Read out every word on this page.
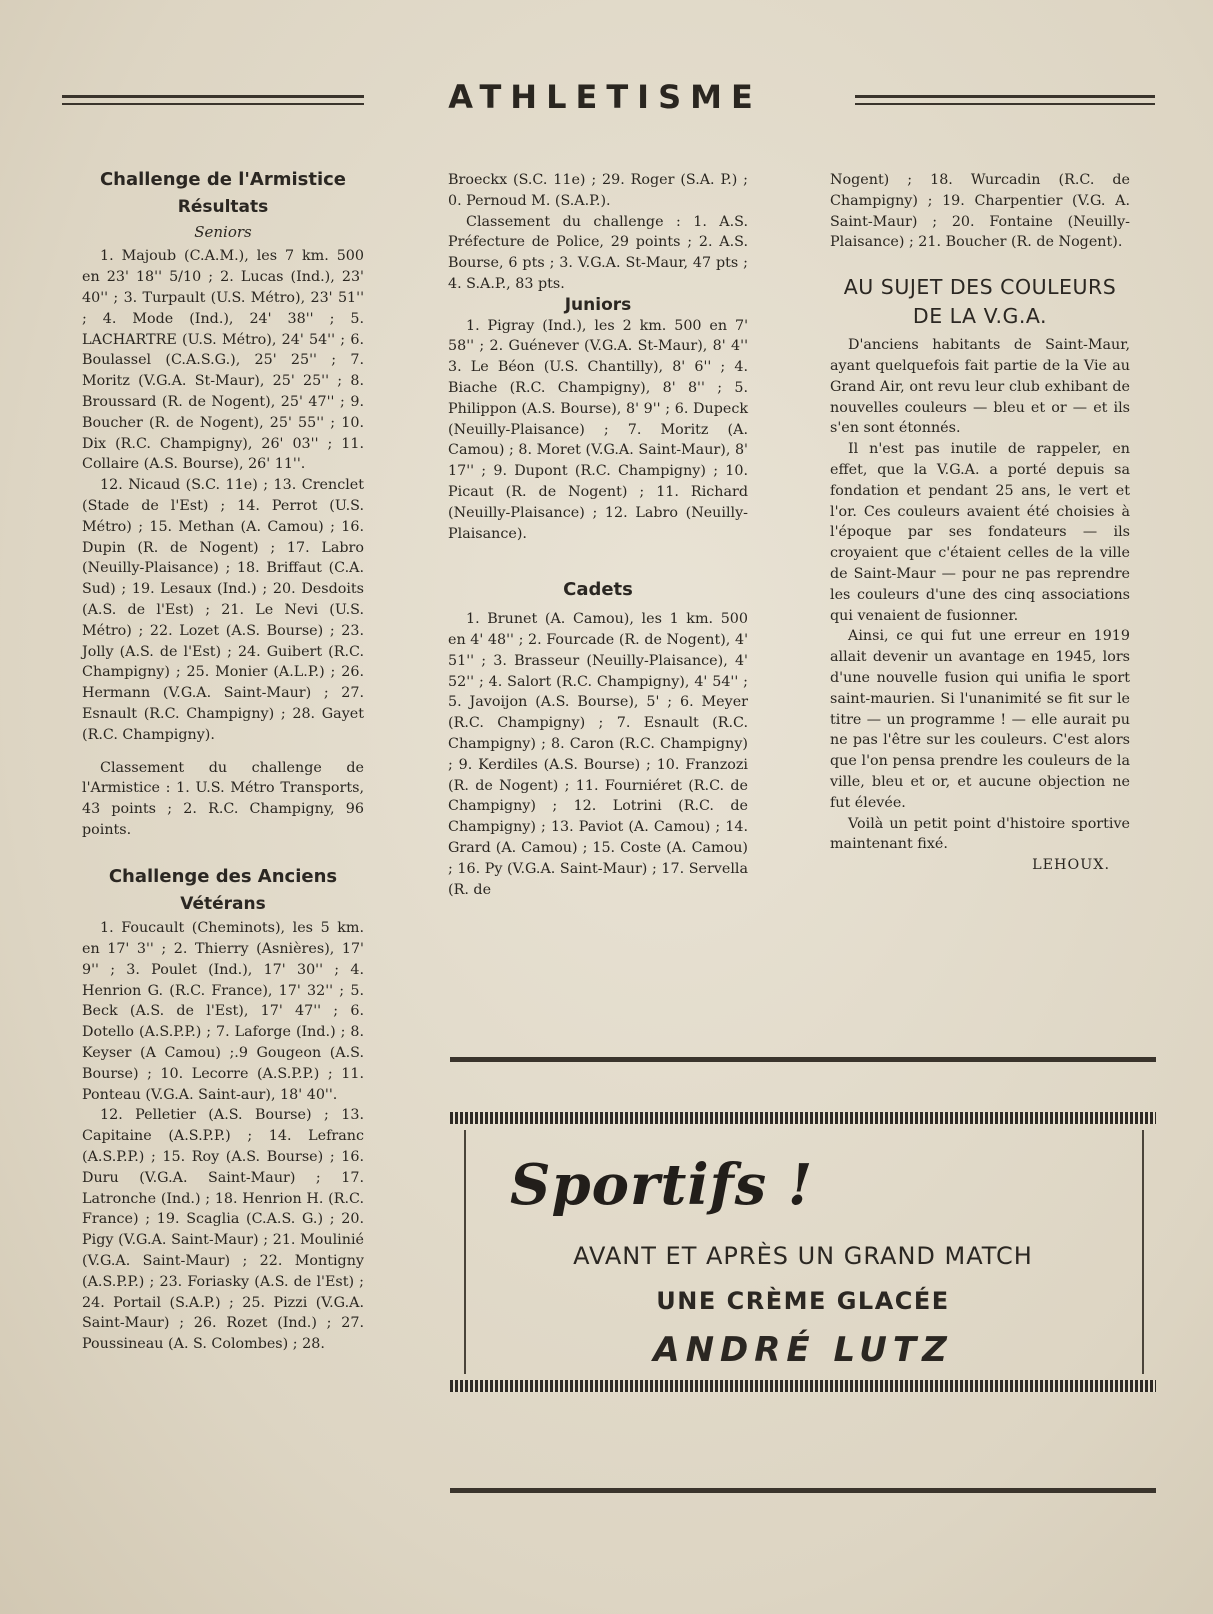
ATHLETISME
Challenge de l'Armistice
Résultats
Seniors

1. Majoub (C.A.M.), les 7 km. 500 en 23' 18'' 5/10 ; 2. Lucas (Ind.), 23' 40'' ; 3. Turpault (U.S. Métro), 23' 51'' ; 4. Mode (Ind.), 24' 38'' ; 5. LACHARTRE (U.S. Métro), 24' 54'' ; 6. Boulassel (C.A.S.G.), 25' 25'' ; 7. Moritz (V.G.A. St-Maur), 25' 25'' ; 8. Broussard (R. de Nogent), 25' 47'' ; 9. Boucher (R. de Nogent), 25' 55'' ; 10. Dix (R.C. Champigny), 26' 03'' ; 11. Collaire (A.S. Bourse), 26' 11''.

12. Nicaud (S.C. 11e) ; 13. Crenclet (Stade de l'Est) ; 14. Perrot (U.S. Métro) ; 15. Methan (A. Camou) ; 16. Dupin (R. de Nogent) ; 17. Labro (Neuilly-Plaisance) ; 18. Briffaut (C.A. Sud) ; 19. Lesaux (Ind.) ; 20. Desdoits (A.S. de l'Est) ; 21. Le Nevi (U.S. Métro) ; 22. Lozet (A.S. Bourse) ; 23. Jolly (A.S. de l'Est) ; 24. Guibert (R.C. Champigny) ; 25. Monier (A.L.P.) ; 26. Hermann (V.G.A. Saint-Maur) ; 27. Esnault (R.C. Champigny) ; 28. Gayet (R.C. Champigny).

Classement du challenge de l'Armistice : 1. U.S. Métro Transports, 43 points ; 2. R.C. Champigny, 96 points.

Challenge des Anciens
Vétérans

1. Foucault (Cheminots), les 5 km. en 17' 3'' ; 2. Thierry (Asnières), 17' 9'' ; 3. Poulet (Ind.), 17' 30'' ; 4. Henrion G. (R.C. France), 17' 32'' ; 5. Beck (A.S. de l'Est), 17' 47'' ; 6. Dotello (A.S.P.P.) ; 7. Laforge (Ind.) ; 8. Keyser (A Camou) ;.9 Gougeon (A.S. Bourse) ; 10. Lecorre (A.S.P.P.) ; 11. Ponteau (V.G.A. Saint-aur), 18' 40''.

12. Pelletier (A.S. Bourse) ; 13. Capitaine (A.S.P.P.) ; 14. Lefranc (A.S.P.P.) ; 15. Roy (A.S. Bourse) ; 16. Duru (V.G.A. Saint-Maur) ; 17. Latronche (Ind.) ; 18. Henrion H. (R.C. France) ; 19. Scaglia (C.A.S. G.) ; 20. Pigy (V.G.A. Saint-Maur) ; 21. Moulinié (V.G.A. Saint-Maur) ; 22. Montigny (A.S.P.P.) ; 23. Foriasky (A.S. de l'Est) ; 24. Portail (S.A.P.) ; 25. Pizzi (V.G.A. Saint-Maur) ; 26. Rozet (Ind.) ; 27. Poussineau (A. S. Colombes) ; 28.

Broeckx (S.C. 11e) ; 29. Roger (S.A. P.) ; 0. Pernoud M. (S.A.P.).

Classement du challenge : 1. A.S. Préfecture de Police, 29 points ; 2. A.S. Bourse, 6 pts ; 3. V.G.A. St-Maur, 47 pts ; 4. S.A.P., 83 pts.

Juniors

1. Pigray (Ind.), les 2 km. 500 en 7' 58'' ; 2. Guénever (V.G.A. St-Maur), 8' 4'' 3. Le Béon (U.S. Chantilly), 8' 6'' ; 4. Biache (R.C. Champigny), 8' 8'' ; 5. Philippon (A.S. Bourse), 8' 9'' ; 6. Dupeck (Neuilly-Plaisance) ; 7. Moritz (A. Camou) ; 8. Moret (V.G.A. Saint-Maur), 8' 17'' ; 9. Dupont (R.C. Champigny) ; 10. Picaut (R. de Nogent) ; 11. Richard (Neuilly-Plaisance) ; 12. Labro (Neuilly-Plaisance).

Cadets

1. Brunet (A. Camou), les 1 km. 500 en 4' 48'' ; 2. Fourcade (R. de Nogent), 4' 51'' ; 3. Brasseur (Neuilly-Plaisance), 4' 52'' ; 4. Salort (R.C. Champigny), 4' 54'' ; 5. Javoijon (A.S. Bourse), 5' ; 6. Meyer (R.C. Champigny) ; 7. Esnault (R.C. Champigny) ; 8. Caron (R.C. Champigny) ; 9. Kerdiles (A.S. Bourse) ; 10. Franzozi (R. de Nogent) ; 11. Fourniéret (R.C. de Champigny) ; 12. Lotrini (R.C. de Champigny) ; 13. Paviot (A. Camou) ; 14. Grard (A. Camou) ; 15. Coste (A. Camou) ; 16. Py (V.G.A. Saint-Maur) ; 17. Servella (R. de

Nogent) ; 18. Wurcadin (R.C. de Champigny) ; 19. Charpentier (V.G. A. Saint-Maur) ; 20. Fontaine (Neuilly-Plaisance) ; 21. Boucher (R. de Nogent).

AU SUJET DES COULEURS
DE LA V.G.A.

D'anciens habitants de Saint-Maur, ayant quelquefois fait partie de la Vie au Grand Air, ont revu leur club exhibant de nouvelles couleurs — bleu et or — et ils s'en sont étonnés.

Il n'est pas inutile de rappeler, en effet, que la V.G.A. a porté depuis sa fondation et pendant 25 ans, le vert et l'or. Ces couleurs avaient été choisies à l'époque par ses fondateurs — ils croyaient que c'étaient celles de la ville de Saint-Maur — pour ne pas reprendre les couleurs d'une des cinq associations qui venaient de fusionner.

Ainsi, ce qui fut une erreur en 1919 allait devenir un avantage en 1945, lors d'une nouvelle fusion qui unifia le sport saint-maurien. Si l'unanimité se fit sur le titre — un programme ! — elle aurait pu ne pas l'être sur les couleurs. C'est alors que l'on pensa prendre les couleurs de la ville, bleu et or, et aucune objection ne fut élevée.

Voilà un petit point d'histoire sportive maintenant fixé.

LEHOUX.

Sportifs !
AVANT ET APRÈS UN GRAND MATCH
UNE CRÈME GLACÉE
ANDRÉ LUTZ
